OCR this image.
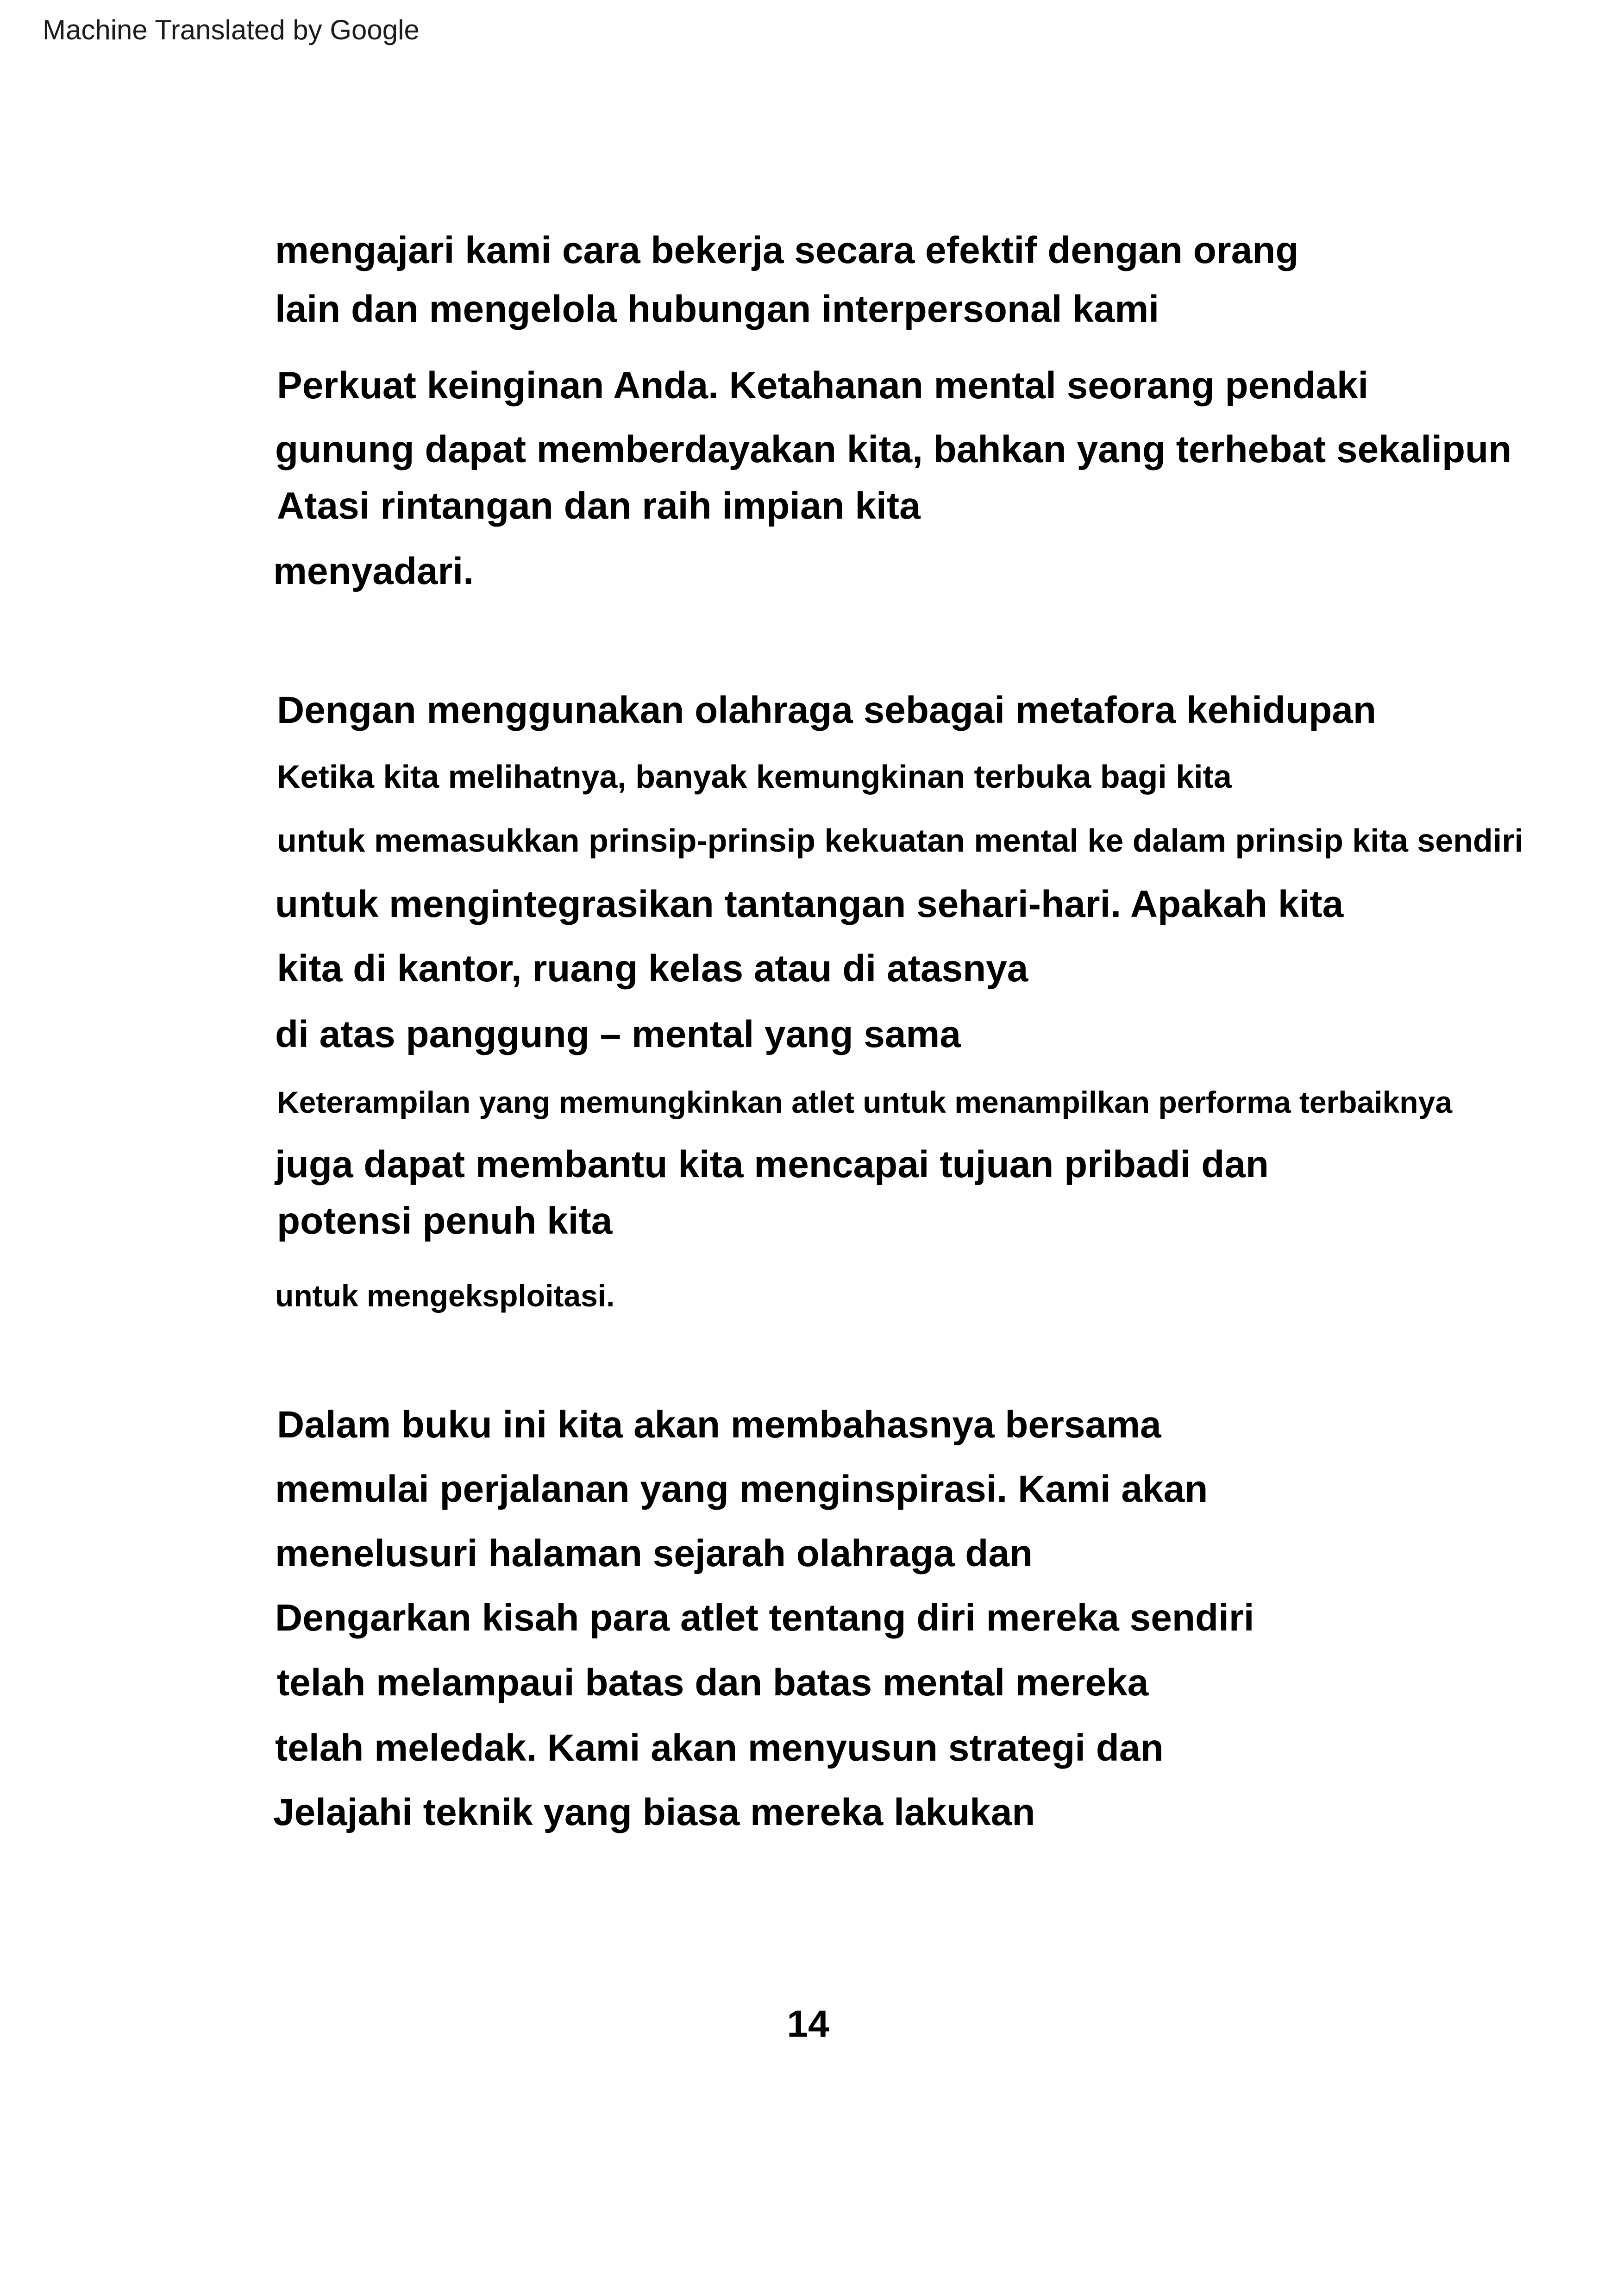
Machine Translated by Google
mengajari kami cara bekerja secara efektif dengan orang
lain dan mengelola hubungan interpersonal kami
Perkuat keinginan Anda. Ketahanan mental seorang pendaki
gunung dapat memberdayakan kita, bahkan yang terhebat sekalipun
Atasi rintangan dan raih impian kita
menyadari.
Dengan menggunakan olahraga sebagai metafora kehidupan
Ketika kita melihatnya, banyak kemungkinan terbuka bagi kita
untuk memasukkan prinsip-prinsip kekuatan mental ke dalam prinsip kita sendiri
untuk mengintegrasikan tantangan sehari-hari. Apakah kita
kita di kantor, ruang kelas atau di atasnya
di atas panggung – mental yang sama
Keterampilan yang memungkinkan atlet untuk menampilkan performa terbaiknya
juga dapat membantu kita mencapai tujuan pribadi dan
potensi penuh kita
untuk mengeksploitasi.
Dalam buku ini kita akan membahasnya bersama
memulai perjalanan yang menginspirasi. Kami akan
menelusuri halaman sejarah olahraga dan
Dengarkan kisah para atlet tentang diri mereka sendiri
telah melampaui batas dan batas mental mereka
telah meledak. Kami akan menyusun strategi dan
Jelajahi teknik yang biasa mereka lakukan
14
